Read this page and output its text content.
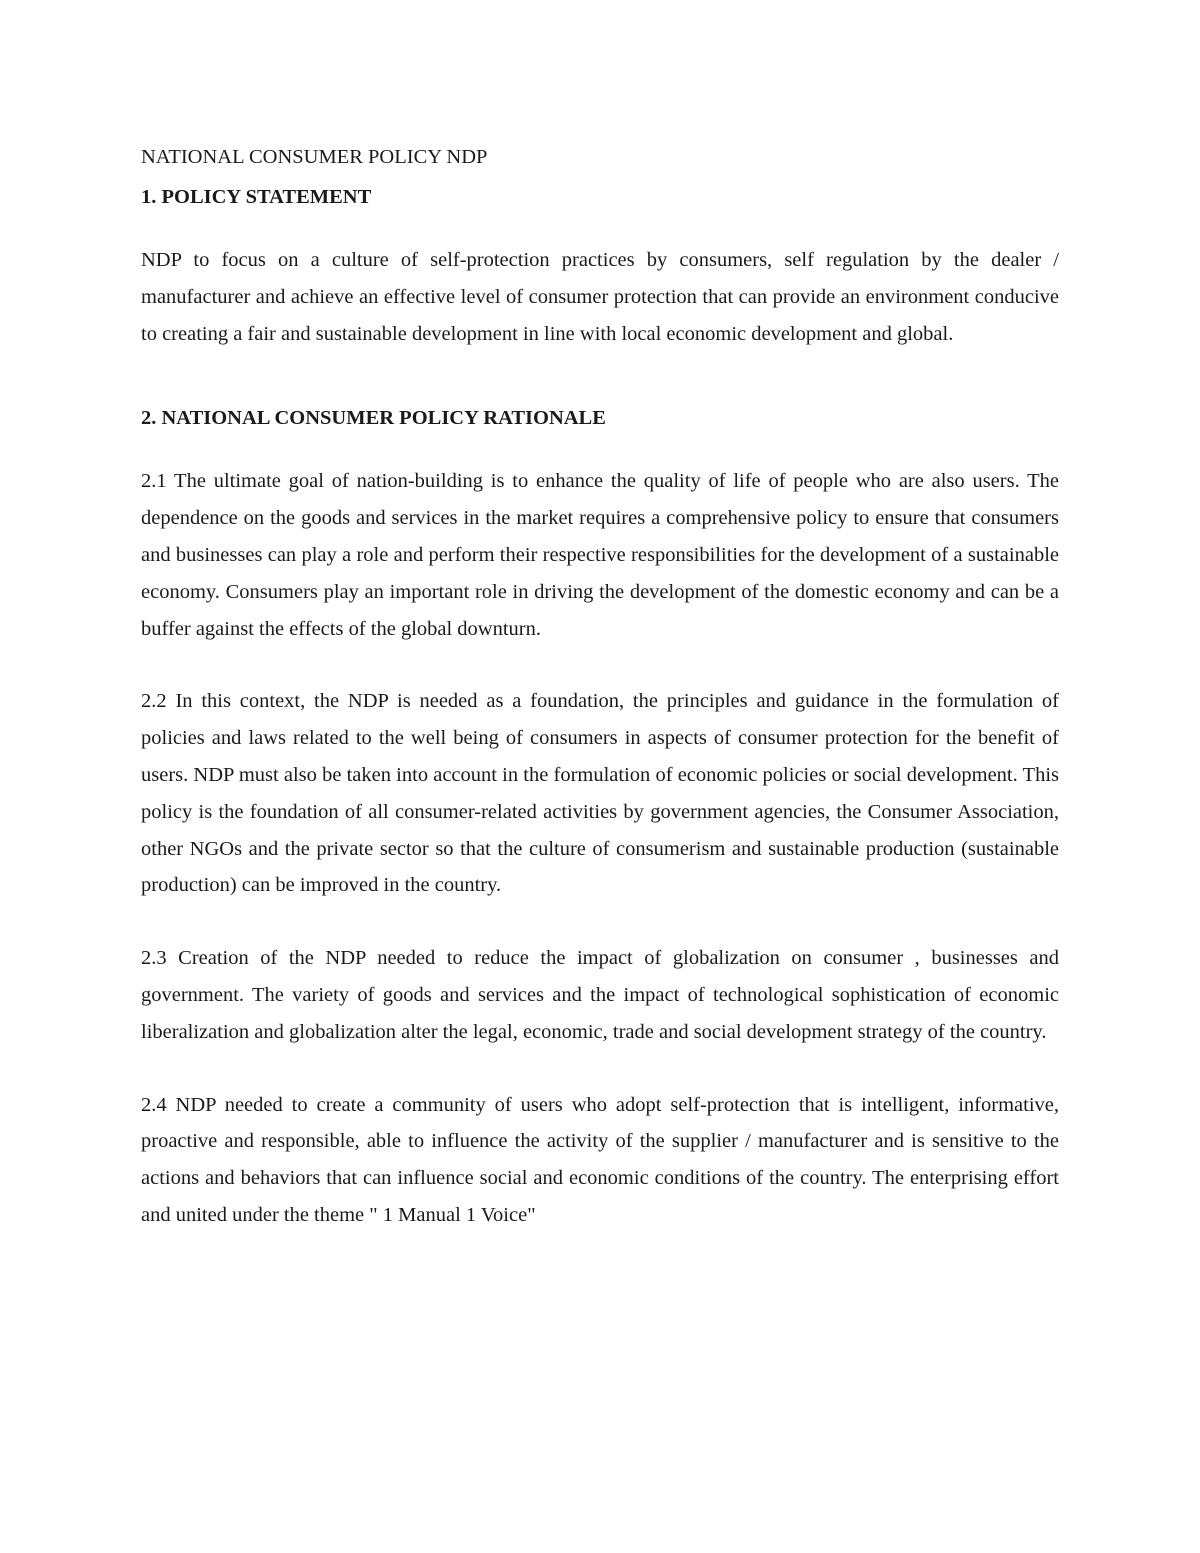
NATIONAL CONSUMER POLICY NDP
1. POLICY STATEMENT

NDP to focus on a culture of self-protection practices by consumers, self regulation by the dealer / manufacturer and achieve an effective level of consumer protection that can provide an environment conducive to creating a fair and sustainable development in line with local economic development and global.

2. NATIONAL CONSUMER POLICY RATIONALE

2.1 The ultimate goal of nation-building is to enhance the quality of life of people who are also users. The dependence on the goods and services in the market requires a comprehensive policy to ensure that consumers and businesses can play a role and perform their respective responsibilities for the development of a sustainable economy. Consumers play an important role in driving the development of the domestic economy and can be a buffer against the effects of the global downturn.

2.2 In this context, the NDP is needed as a foundation, the principles and guidance in the formulation of policies and laws related to the well being of consumers in aspects of consumer protection for the benefit of users. NDP must also be taken into account in the formulation of economic policies or social development. This policy is the foundation of all consumer-related activities by government agencies, the Consumer Association, other NGOs and the private sector so that the culture of consumerism and sustainable production (sustainable production) can be improved in the country.

2.3 Creation of the NDP needed to reduce the impact of globalization on consumer , businesses and government. The variety of goods and services and the impact of technological sophistication of economic liberalization and globalization alter the legal, economic, trade and social development strategy of the country.

2.4 NDP needed to create a community of users who adopt self-protection that is intelligent, informative, proactive and responsible, able to influence the activity of the supplier / manufacturer and is sensitive to the actions and behaviors that can influence social and economic conditions of the country. The enterprising effort and united under the theme " 1 Manual 1 Voice"
